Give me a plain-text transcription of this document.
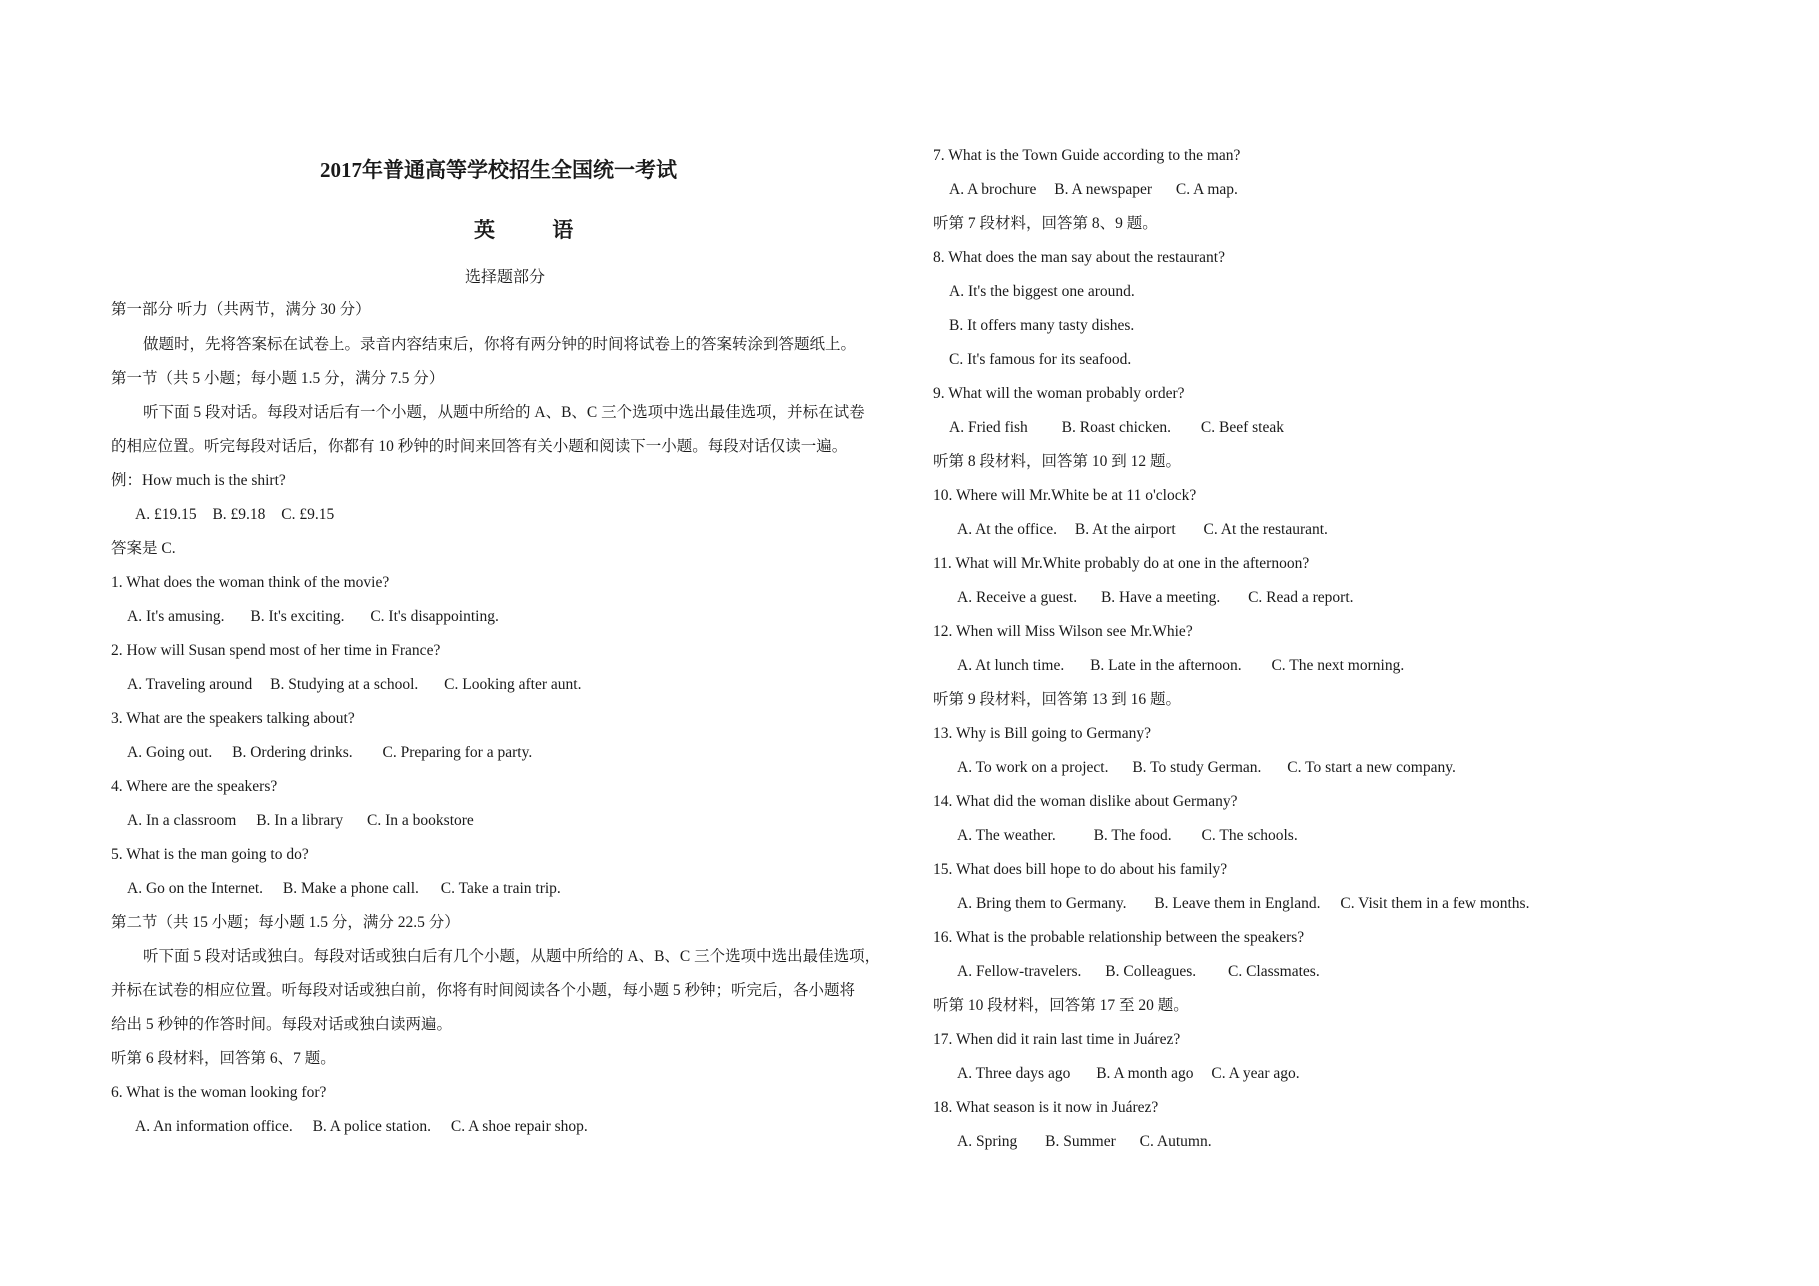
2017年普通高等学校招生全国统一考试
英 语
选择题部分
第一部分 听力（共两节，满分 30 分）
做题时，先将答案标在试卷上。录音内容结束后，你将有两分钟的时间将试卷上的答案转涂到答题纸上。
第一节（共 5 小题；每小题 1.5 分，满分 7.5 分）
听下面 5 段对话。每段对话后有一个小题，从题中所给的 A、B、C 三个选项中选出最佳选项，并标在试卷
的相应位置。听完每段对话后，你都有 10 秒钟的时间来回答有关小题和阅读下一小题。每段对话仅读一遍。
例：How much is the shirt?
A. £19.15 B. £9.18 C. £9.15
答案是 C.
1. What does the woman think of the movie?
A. It's amusing. B. It's exciting. C. It's disappointing.
2. How will Susan spend most of her time in France?
A. Traveling around B. Studying at a school. C. Looking after aunt.
3. What are the speakers talking about?
A. Going out. B. Ordering drinks. C. Preparing for a party.
4. Where are the speakers?
A. In a classroom B. In a library C. In a bookstore
5. What is the man going to do?
A. Go on the Internet. B. Make a phone call. C. Take a train trip.
第二节（共 15 小题；每小题 1.5 分，满分 22.5 分）
听下面 5 段对话或独白。每段对话或独白后有几个小题，从题中所给的 A、B、C 三个选项中选出最佳选项，
并标在试卷的相应位置。听每段对话或独白前，你将有时间阅读各个小题，每小题 5 秒钟；听完后，各小题将
给出 5 秒钟的作答时间。每段对话或独白读两遍。
听第 6 段材料，回答第 6、7 题。
6. What is the woman looking for?
A. An information office. B. A police station. C. A shoe repair shop.
7. What is the Town Guide according to the man?
A. A brochure B. A newspaper C. A map.
听第 7 段材料，回答第 8、9 题。
8. What does the man say about the restaurant?
A. It's the biggest one around.
B. It offers many tasty dishes.
C. It's famous for its seafood.
9. What will the woman probably order?
A. Fried fish B. Roast chicken. C. Beef steak
听第 8 段材料，回答第 10 到 12 题。
10. Where will Mr.White be at 11 o'clock?
A. At the office. B. At the airport C. At the restaurant.
11. What will Mr.White probably do at one in the afternoon?
A. Receive a guest. B. Have a meeting. C. Read a report.
12. When will Miss Wilson see Mr.Whie?
A. At lunch time. B. Late in the afternoon. C. The next morning.
听第 9 段材料，回答第 13 到 16 题。
13. Why is Bill going to Germany?
A. To work on a project. B. To study German. C. To start a new company.
14. What did the woman dislike about Germany?
A. The weather. B. The food. C. The schools.
15. What does bill hope to do about his family?
A. Bring them to Germany. B. Leave them in England. C. Visit them in a few months.
16. What is the probable relationship between the speakers?
A. Fellow-travelers. B. Colleagues. C. Classmates.
听第 10 段材料，回答第 17 至 20 题。
17. When did it rain last time in Juárez?
A. Three days ago B. A month ago C. A year ago.
18. What season is it now in Juárez?
A. Spring B. Summer C. Autumn.
